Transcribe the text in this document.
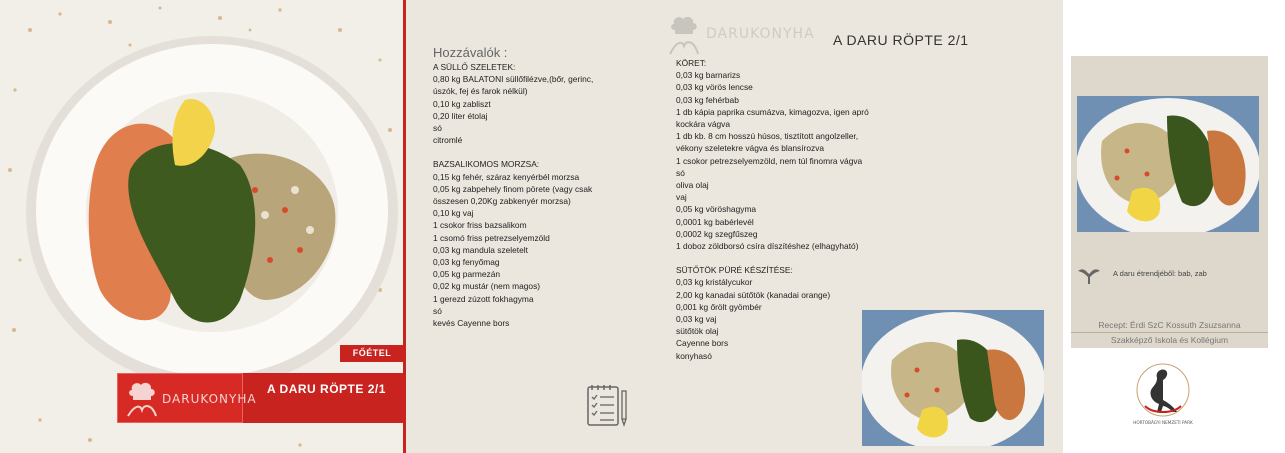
FŐÉTEL
DARUKONYHA
A DARU RÖPTE 2/1
DARUKONYHA A DARU RÖPTE 2/1
Hozzávalók :
A SÜLLŐ SZELETEK:
0,80 kg BALATONI süllőfilézve,(bőr, gerinc,
úszók, fej és farok nélkül)
0,10 kg zabliszt
0,20 liter étolaj
só
citromlé
BAZSALIKOMOS MORZSA:
0,15 kg fehér, száraz kenyérbél morzsa
0,05 kg zabpehely finom pörete (vagy csak
összesen 0,20Kg zabkenyér morzsa)
0,10 kg vaj
1 csokor friss bazsalikom
1 csomó friss petrezselyemzöld
0,03 kg mandula szeletelt
0,03 kg fenyőmag
0,05 kg parmezán
0,02 kg mustár (nem magos)
1 gerezd zúzott fokhagyma
só
kevés Cayenne bors
KÖRET:
0,03 kg barnarizs
0,03 kg vörös lencse
0,03 kg fehérbab
1 db kápia paprika csumázva, kimagozva, igen apró
kockára vágva
1 db kb. 8 cm hosszú húsos, tisztított angolzeller,
vékony szeletekre vágva és blansírozva
1 csokor petrezselyemzöld, nem túl finomra vágva
só
oliva olaj
vaj
0,05 kg vöröshagyma
0,0001 kg babérlevél
0,0002 kg szegfűszeg
1 doboz zöldborsó csíra díszítéshez (elhagyható)
SÜTŐTÖK PÜRÉ KÉSZÍTÉSE:
0,03 kg kristálycukor
2,00 kg kanadai sütőtök (kanadai orange)
0,001 kg őrölt gyömbér
0,03 kg vaj
sütőtök olaj
Cayenne bors
konyhasó
A daru étrendjéből: bab, zab
Recept: Érdi SzC Kossuth Zsuzsanna
Szakképző Iskola és Kollégium
HORTOBÁGYI NEMZETI PARK
